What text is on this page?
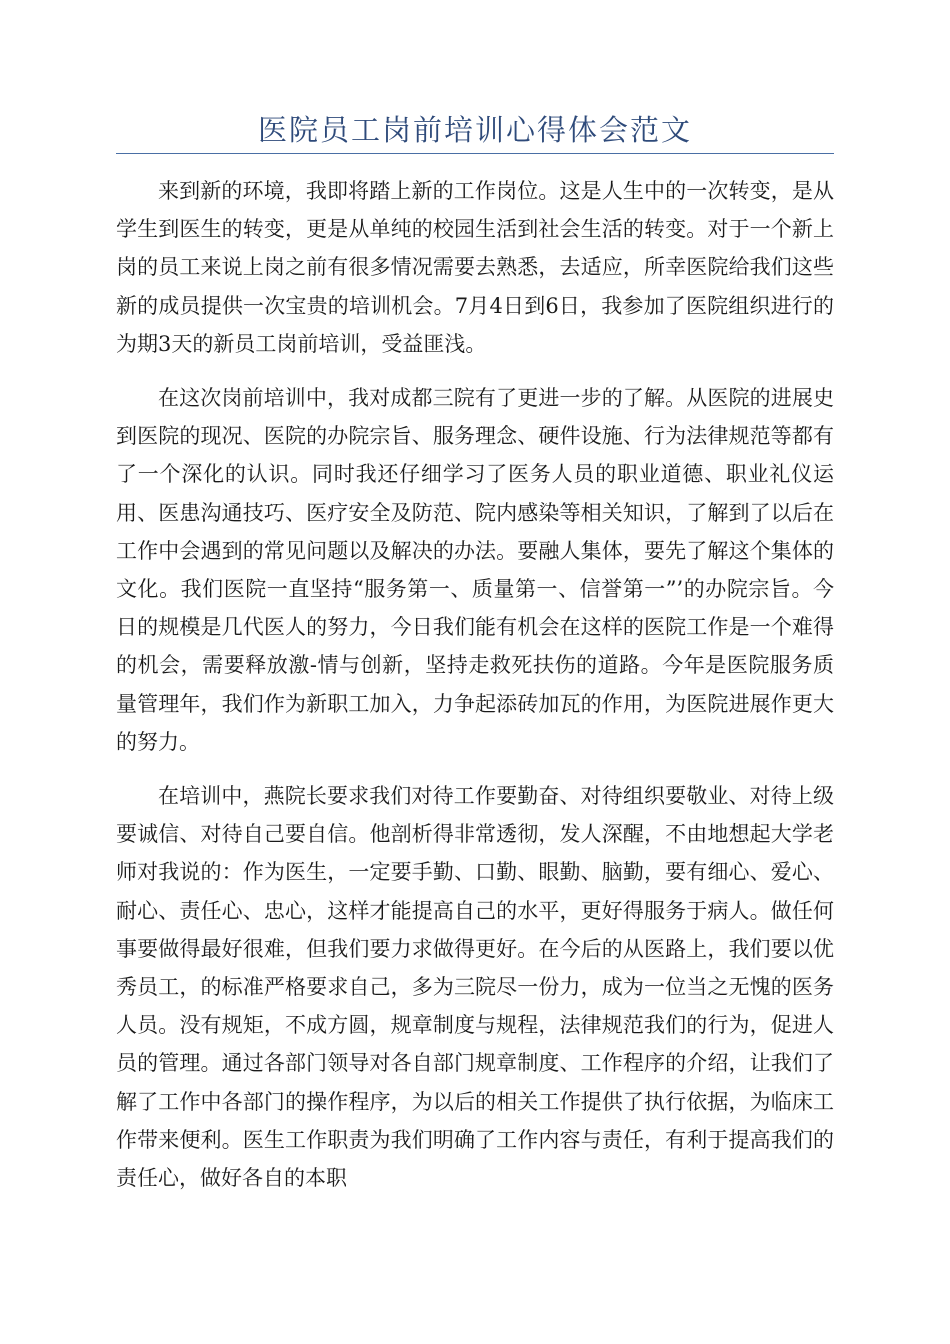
医院员工岗前培训心得体会范文

来到新的环境，我即将踏上新的工作岗位。这是人生中的一次转变，是从学生到医生的转变，更是从单纯的校园生活到社会生活的转变。对于一个新上岗的员工来说上岗之前有很多情况需要去熟悉，去适应，所幸医院给我们这些新的成员提供一次宝贵的培训机会。7月4日到6日，我参加了医院组织进行的为期3天的新员工岗前培训，受益匪浅。

在这次岗前培训中，我对成都三院有了更进一步的了解。从医院的进展史到医院的现况、医院的办院宗旨、服务理念、硬件设施、行为法律规范等都有了一个深化的认识。同时我还仔细学习了医务人员的职业道德、职业礼仪运用、医患沟通技巧、医疗安全及防范、院内感染等相关知识，了解到了以后在工作中会遇到的常见问题以及解决的办法。要融人集体，要先了解这个集体的文化。我们医院一直坚持“服务第一、质量第一、信誉第一”’的办院宗旨。今日的规模是几代医人的努力，今日我们能有机会在这样的医院工作是一个难得的机会，需要释放激-情与创新，坚持走救死扶伤的道路。今年是医院服务质量管理年，我们作为新职工加入，力争起添砖加瓦的作用，为医院进展作更大的努力。

在培训中，燕院长要求我们对待工作要勤奋、对待组织要敬业、对待上级要诚信、对待自己要自信。他剖析得非常透彻，发人深醒，不由地想起大学老师对我说的：作为医生，一定要手勤、口勤、眼勤、脑勤，要有细心、爱心、耐心、责任心、忠心，这样才能提高自己的水平，更好得服务于病人。做任何事要做得最好很难，但我们要力求做得更好。在今后的从医路上，我们要以优秀员工，的标准严格要求自己，多为三院尽一份力，成为一位当之无愧的医务人员。没有规矩，不成方圆，规章制度与规程，法律规范我们的行为，促进人员的管理。通过各部门领导对各自部门规章制度、工作程序的介绍，让我们了解了工作中各部门的操作程序，为以后的相关工作提供了执行依据，为临床工作带来便利。医生工作职责为我们明确了工作内容与责任，有利于提高我们的责任心，做好各自的本职
